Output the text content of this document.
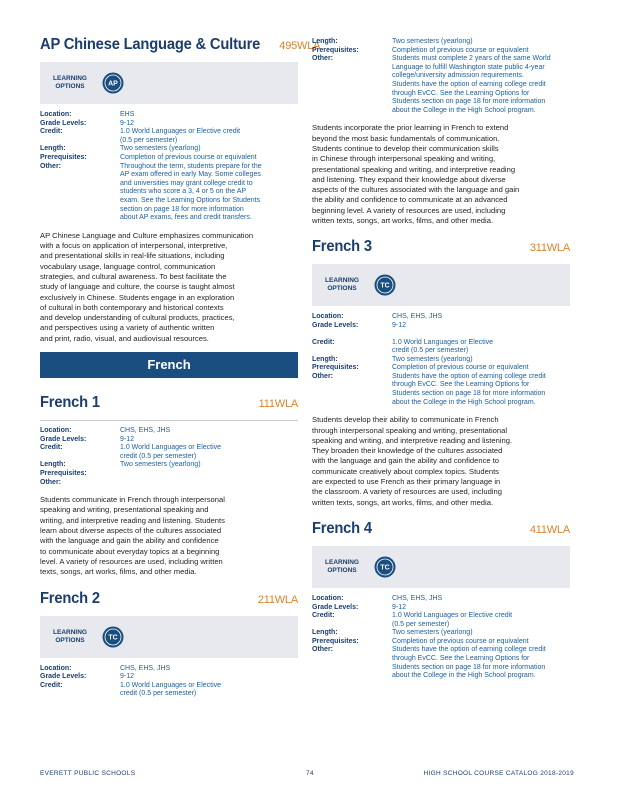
AP Chinese Language & Culture 495WLA
LEARNING
OPTIONS	AP
Location:	EHS
Grade Levels:	9-12
Credit:	1.0 World Languages or Elective credit
(0.5 per semester)
Length:	Two semesters (yearlong)
Prerequisites:	Completion of previous course or equivalent
Other:	Throughout the term, students prepare for the
AP exam offered in early May. Some colleges
and universities may grant college credit to
students who score a 3, 4 or 5 on the AP
exam. See the Learning Options for Students
section on page 18 for more information
about AP exams, fees and credit transfers.
AP Chinese Language and Culture emphasizes communication
with a focus on application of interpersonal, interpretive,
and presentational skills in real-life situations, including
vocabulary usage, language control, communication
strategies, and cultural awareness. To best facilitate the
study of language and culture, the course is taught almost
exclusively in Chinese. Students engage in an exploration
of cultural in both contemporary and historical contexts
and develop understanding of cultural products, practices,
and perspectives using a variety of authentic written
and print, radio, visual, and audiovisual resources.
French
French 1	111WLA
Location:	CHS, EHS, JHS
Grade Levels:	9-12
Credit:	1.0 World Languages or Elective
credit (0.5 per semester)
Length:	Two semesters (yearlong)
Prerequisites:
Other:
Students communicate in French through interpersonal
speaking and writing, presentational speaking and
writing, and interpretive reading and listening. Students
learn about diverse aspects of the cultures associated
with the language and gain the ability and confidence
to communicate about everyday topics at a beginning
level. A variety of resources are used, including written
texts, songs, art works, films, and other media.
French 2	211WLA
LEARNING
OPTIONS	TC
Location:	CHS, EHS, JHS
Grade Levels:	9-12
Credit:	1.0 World Languages or Elective
credit (0.5 per semester)
Length:	Two semesters (yearlong)
Prerequisites:	Completion of previous course or equivalent
Other:	Students must complete 2 years of the same World
Language to fulfill Washington state public 4-year
college/university admission requirements.
Students have the option of earning college credit
through EvCC. See the Learning Options for
Students section on page 18 for more information
about the College in the High School program.
Students incorporate the prior learning in French to extend
beyond the most basic fundamentals of communication.
Students continue to develop their communication skills
in Chinese through interpersonal speaking and writing,
presentational speaking and writing, and interpretive reading
and listening. They expand their knowledge about diverse
aspects of the cultures associated with the language and gain
the ability and confidence to communicate at an advanced
beginning level. A variety of resources are used, including
written texts, songs, art works, films, and other media.
French 3	311WLA
LEARNING
OPTIONS	TC
Location:	CHS, EHS, JHS
Grade Levels:	9-12
Credit:	1.0 World Languages or Elective
credit (0.5 per semester)
Length:	Two semesters (yearlong)
Prerequisites:	Completion of previous course or equivalent
Other:	Students have the option of earning college credit
through EvCC. See the Learning Options for
Students section on page 18 for more information
about the College in the High School program.
Students develop their ability to communicate in French
through interpersonal speaking and writing, presentational
speaking and writing, and interpretive reading and listening.
They broaden their knowledge of the cultures associated
with the language and gain the ability and confidence to
communicate creatively about complex topics. Students
are expected to use French as their primary language in
the classroom. A variety of resources are used, including
written texts, songs, art works, films, and other media.
French 4	411WLA
LEARNING
OPTIONS	TC
Location:	CHS, EHS, JHS
Grade Levels:	9-12
Credit:	1.0 World Languages or Elective credit
(0.5 per semester)
Length:	Two semesters (yearlong)
Prerequisites:	Completion of previous course or equivalent
Other:	Students have the option of earning college credit
through EvCC. See the Learning Options for
Students section on page 18 for more information
about the College in the High School program.
EVERETT PUBLIC SCHOOLS	74	HIGH SCHOOL COURSE CATALOG 2018-2019
